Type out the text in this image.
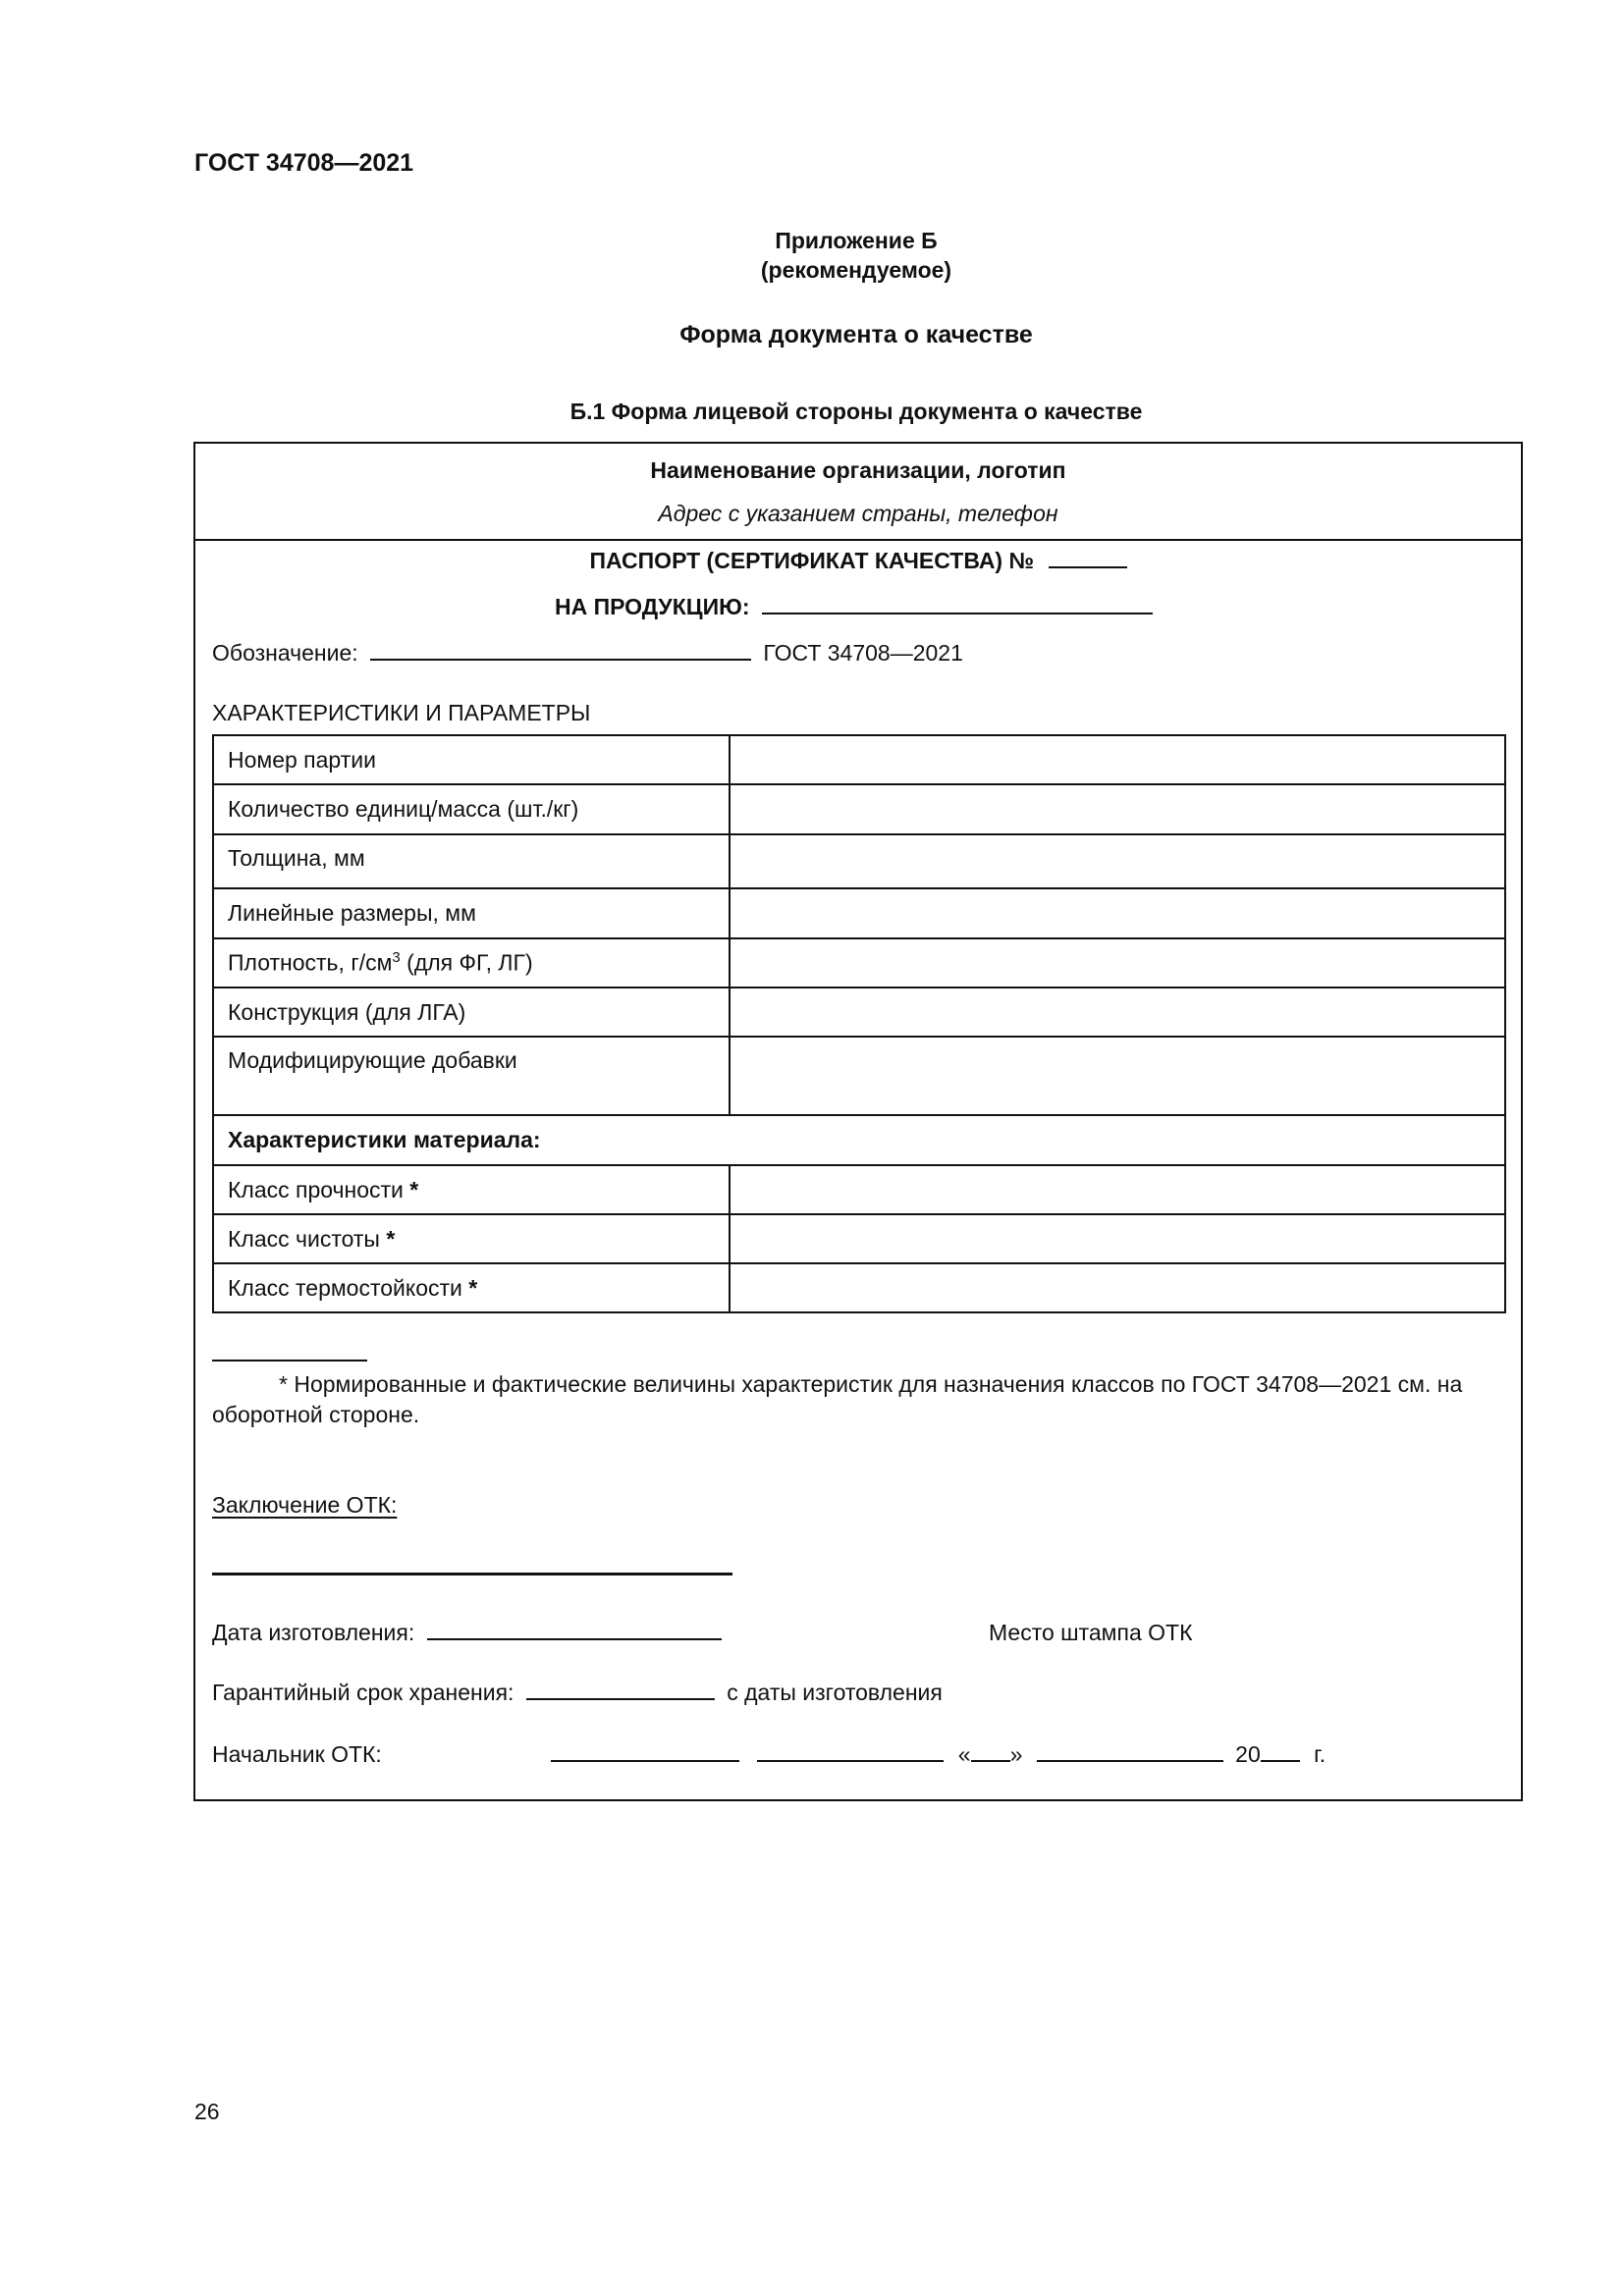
ГОСТ 34708—2021
Приложение Б
(рекомендуемое)
Форма документа о качестве
Б.1 Форма лицевой стороны документа о качестве
Наименование организации, логотип
Адрес с указанием страны, телефон
ПАСПОРТ (СЕРТИФИКАТ КАЧЕСТВА) №
НА ПРОДУКЦИЮ:
Обозначение:	ГОСТ 34708—2021
ХАРАКТЕРИСТИКИ И ПАРАМЕТРЫ
Номер партии	
Количество единиц/масса (шт./кг)	
Толщина, мм	
Линейные размеры, мм	
Плотность, $г/см^3$ (для ФГ, ЛГ)	
Конструкция (для ЛГА)	
Модифицирующие добавки	
Характеристики материала:	
Класс прочности *	
Класс чистоты *	
Класс термостойкости *	
* Нормированные и фактические величины характеристик для назначения классов по ГОСТ 34708—2021 см. на оборотной стороне.
Заключение ОТК:
Дата изготовления:	Место штампа ОТК
Гарантийный срок хранения:	с даты изготовления
Начальник ОТК:	« »	20 г.
26
